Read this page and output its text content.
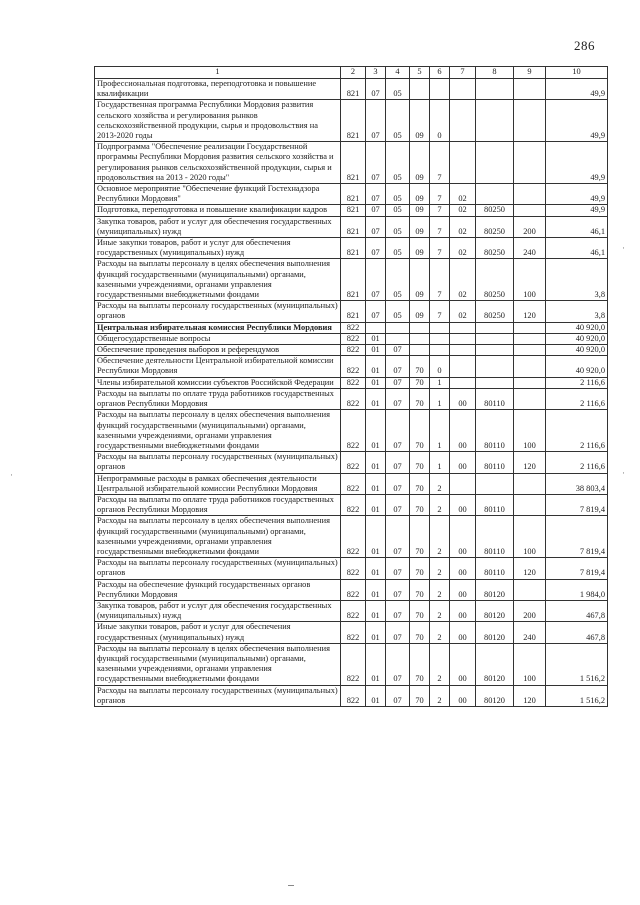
286
1	2	3	4	5	6	7	8	9	10
Профессиональная подготовка, переподготовка и повышение квалификации	821	07	05						49,9
Государственная программа Республики Мордовия развития сельского хозяйства и регулирования рынков сельскохозяйственной продукции, сырья и продовольствия на 2013-2020 годы	821	07	05	09	0				49,9
Подпрограмма "Обеспечение реализации Государственной программы Республики Мордовия развития сельского хозяйства и регулирования рынков сельскохозяйственной продукции, сырья и продовольствия на 2013 - 2020 годы"	821	07	05	09	7				49,9
Основное мероприятие "Обеспечение функций Гостехнадзора Республики Мордовия"	821	07	05	09	7	02			49,9
Подготовка, переподготовка и повышение квалификации кадров	821	07	05	09	7	02	80250		49,9
Закупка товаров, работ и услуг для обеспечения государственных (муниципальных) нужд	821	07	05	09	7	02	80250	200	46,1
Иные закупки товаров, работ и услуг для обеспечения государственных (муниципальных) нужд	821	07	05	09	7	02	80250	240	46,1
Расходы на выплаты персоналу в целях обеспечения выполнения функций государственными (муниципальными) органами, казенными учреждениями, органами управления государственными внебюджетными фондами	821	07	05	09	7	02	80250	100	3,8
Расходы на выплаты персоналу государственных (муниципальных) органов	821	07	05	09	7	02	80250	120	3,8
Центральная избирательная комиссия Республики Мордовия	822								40 920,0
Общегосударственные вопросы	822	01							40 920,0
Обеспечение проведения выборов и референдумов	822	01	07						40 920,0
Обеспечение деятельности Центральной избирательной комиссии Республики Мордовия	822	01	07	70	0				40 920,0
Члены избирательной комиссии субъектов Российской Федерации	822	01	07	70	1				2 116,6
Расходы на выплаты по оплате труда работников государственных органов Республики Мордовия	822	01	07	70	1	00	80110		2 116,6
Расходы на выплаты персоналу в целях обеспечения выполнения функций государственными (муниципальными) органами, казенными учреждениями, органами управления государственными внебюджетными фондами	822	01	07	70	1	00	80110	100	2 116,6
Расходы на выплаты персоналу государственных (муниципальных) органов	822	01	07	70	1	00	80110	120	2 116,6
Непрограммные расходы в рамках обеспечения деятельности Центральной избирательной комиссии Республики Мордовия	822	01	07	70	2				38 803,4
Расходы на выплаты по оплате труда работников государственных органов Республики Мордовия	822	01	07	70	2	00	80110		7 819,4
Расходы на выплаты персоналу в целях обеспечения выполнения функций государственными (муниципальными) органами, казенными учреждениями, органами управления государственными внебюджетными фондами	822	01	07	70	2	00	80110	100	7 819,4
Расходы на выплаты персоналу государственных (муниципальных) органов	822	01	07	70	2	00	80110	120	7 819,4
Расходы на обеспечение функций государственных органов Республики Мордовия	822	01	07	70	2	00	80120		1 984,0
Закупка товаров, работ и услуг для обеспечения государственных (муниципальных) нужд	822	01	07	70	2	00	80120	200	467,8
Иные закупки товаров, работ и услуг для обеспечения государственных (муниципальных) нужд	822	01	07	70	2	00	80120	240	467,8
Расходы на выплаты персоналу в целях обеспечения выполнения функций государственными (муниципальными) органами, казенными учреждениями, органами управления государственными внебюджетными фондами	822	01	07	70	2	00	80120	100	1 516,2
Расходы на выплаты персоналу государственных (муниципальных) органов	822	01	07	70	2	00	80120	120	1 516,2
·
·
·
